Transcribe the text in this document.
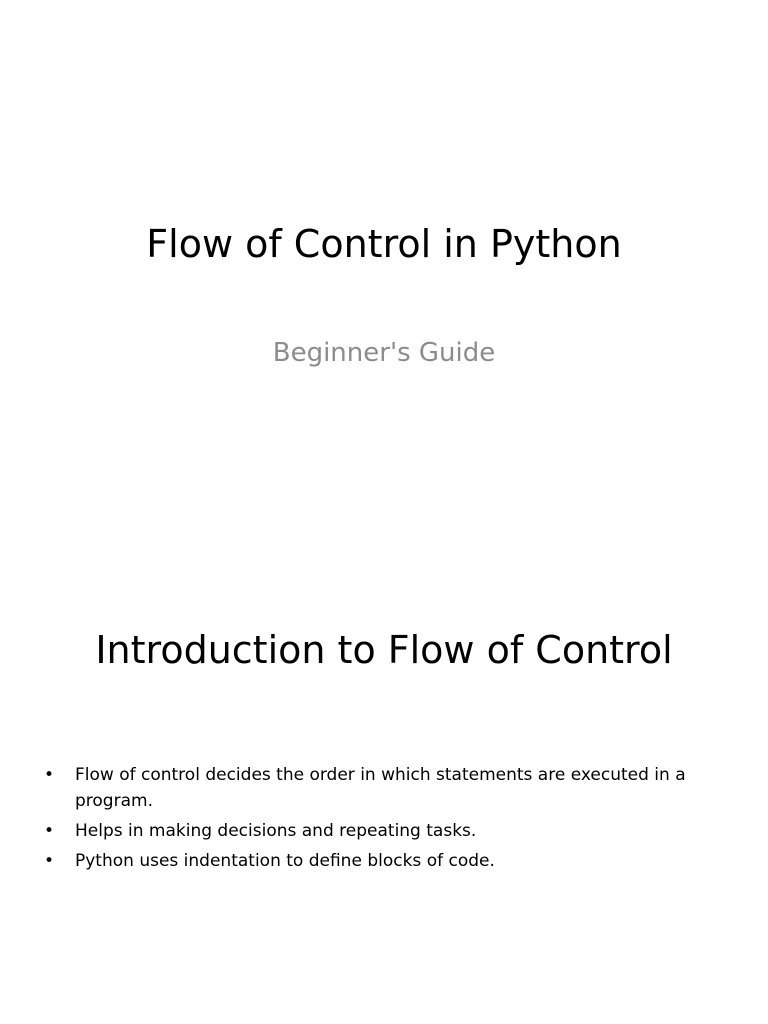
Flow of Control in Python
Beginner's Guide
Introduction to Flow of Control
• Flow of control decides the order in which statements are executed in a program.
• Helps in making decisions and repeating tasks.
• Python uses indentation to define blocks of code.
